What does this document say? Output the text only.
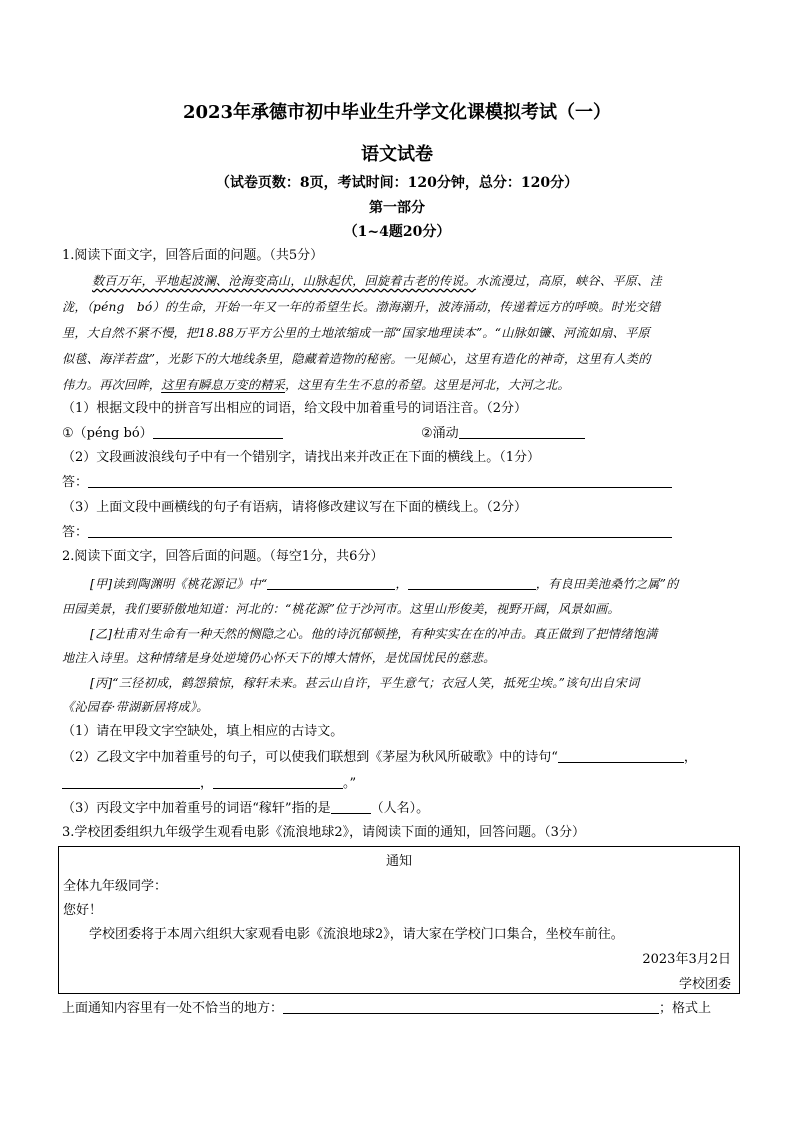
2023年承德市初中毕业生升学文化课模拟考试（一）
语文试卷
（试卷页数：8页，考试时间：120分钟，总分：120分）
第一部分
（1~4题20分）
1.阅读下面文字，回答后面的问题。（共5分）
数百万年，平地起波澜、沧海变高山，山脉起伏，回旋着古老的传说。水流漫过，高原，峡谷、平原、洼
泷，（péng　bó）的生命，开始一年又一年的希望生长。渤海潮升，波涛涌动，传递着远方的呼唤。时光交错
里，大自然不紧不慢，把18.88万平方公里的土地浓缩成一部“国家地理读本”。“山脉如镰、河流如扇、平原
似毯、海洋若盘”，光影下的大地线条里，隐藏着造物的秘密。一见倾心，这里有造化的神奇，这里有人类的
伟力。再次回眸，这里有瞬息万变的精采，这里有生生不息的希望。这里是河北，大河之北。
（1）根据文段中的拼音写出相应的词语，给文段中加着重号的词语注音。（2分）
①（péng bó）	②涌动
（2）文段画波浪线句子中有一个错别字，请找出来并改正在下面的横线上。（1分）
答：
（3）上面文段中画横线的句子有语病，请将修改建议写在下面的横线上。（2分）
答：
2.阅读下面文字，回答后面的问题。（每空1分，共6分）
[甲]读到陶渊明《桃花源记》中“	，	，有良田美池桑竹之属”的
田园美景，我们要骄傲地知道：河北的：“桃花源”位于沙河市。这里山形俊美，视野开阔，风景如画。
[乙]杜甫对生命有一种天然的恻隐之心。他的诗沉郁顿挫，有种实实在在的冲击。真正做到了把情绪饱满
地注入诗里。这种情绪是身处逆境仍心怀天下的博大情怀，是忧国忧民的慈悲。
[丙]“三径初成，鹤怨猿惊，稼轩未来。甚云山自许，平生意气；衣冠人笑，抵死尘埃。”该句出自宋词
《沁园春·带湖新居将成》。
（1）请在甲段文字空缺处，填上相应的古诗文。
（2）乙段文字中加着重号的句子，可以使我们联想到《茅屋为秋风所破歌》中的诗句“	，
，	。”
（3）丙段文字中加着重号的词语“稼轩”指的是	（人名）。
3.学校团委组织九年级学生观看电影《流浪地球2》，请阅读下面的通知，回答问题。（3分）
通知
全体九年级同学：
您好！
学校团委将于本周六组织大家观看电影《流浪地球2》，请大家在学校门口集合，坐校车前往。
2023年3月2日
学校团委
上面通知内容里有一处不恰当的地方：	；格式上
